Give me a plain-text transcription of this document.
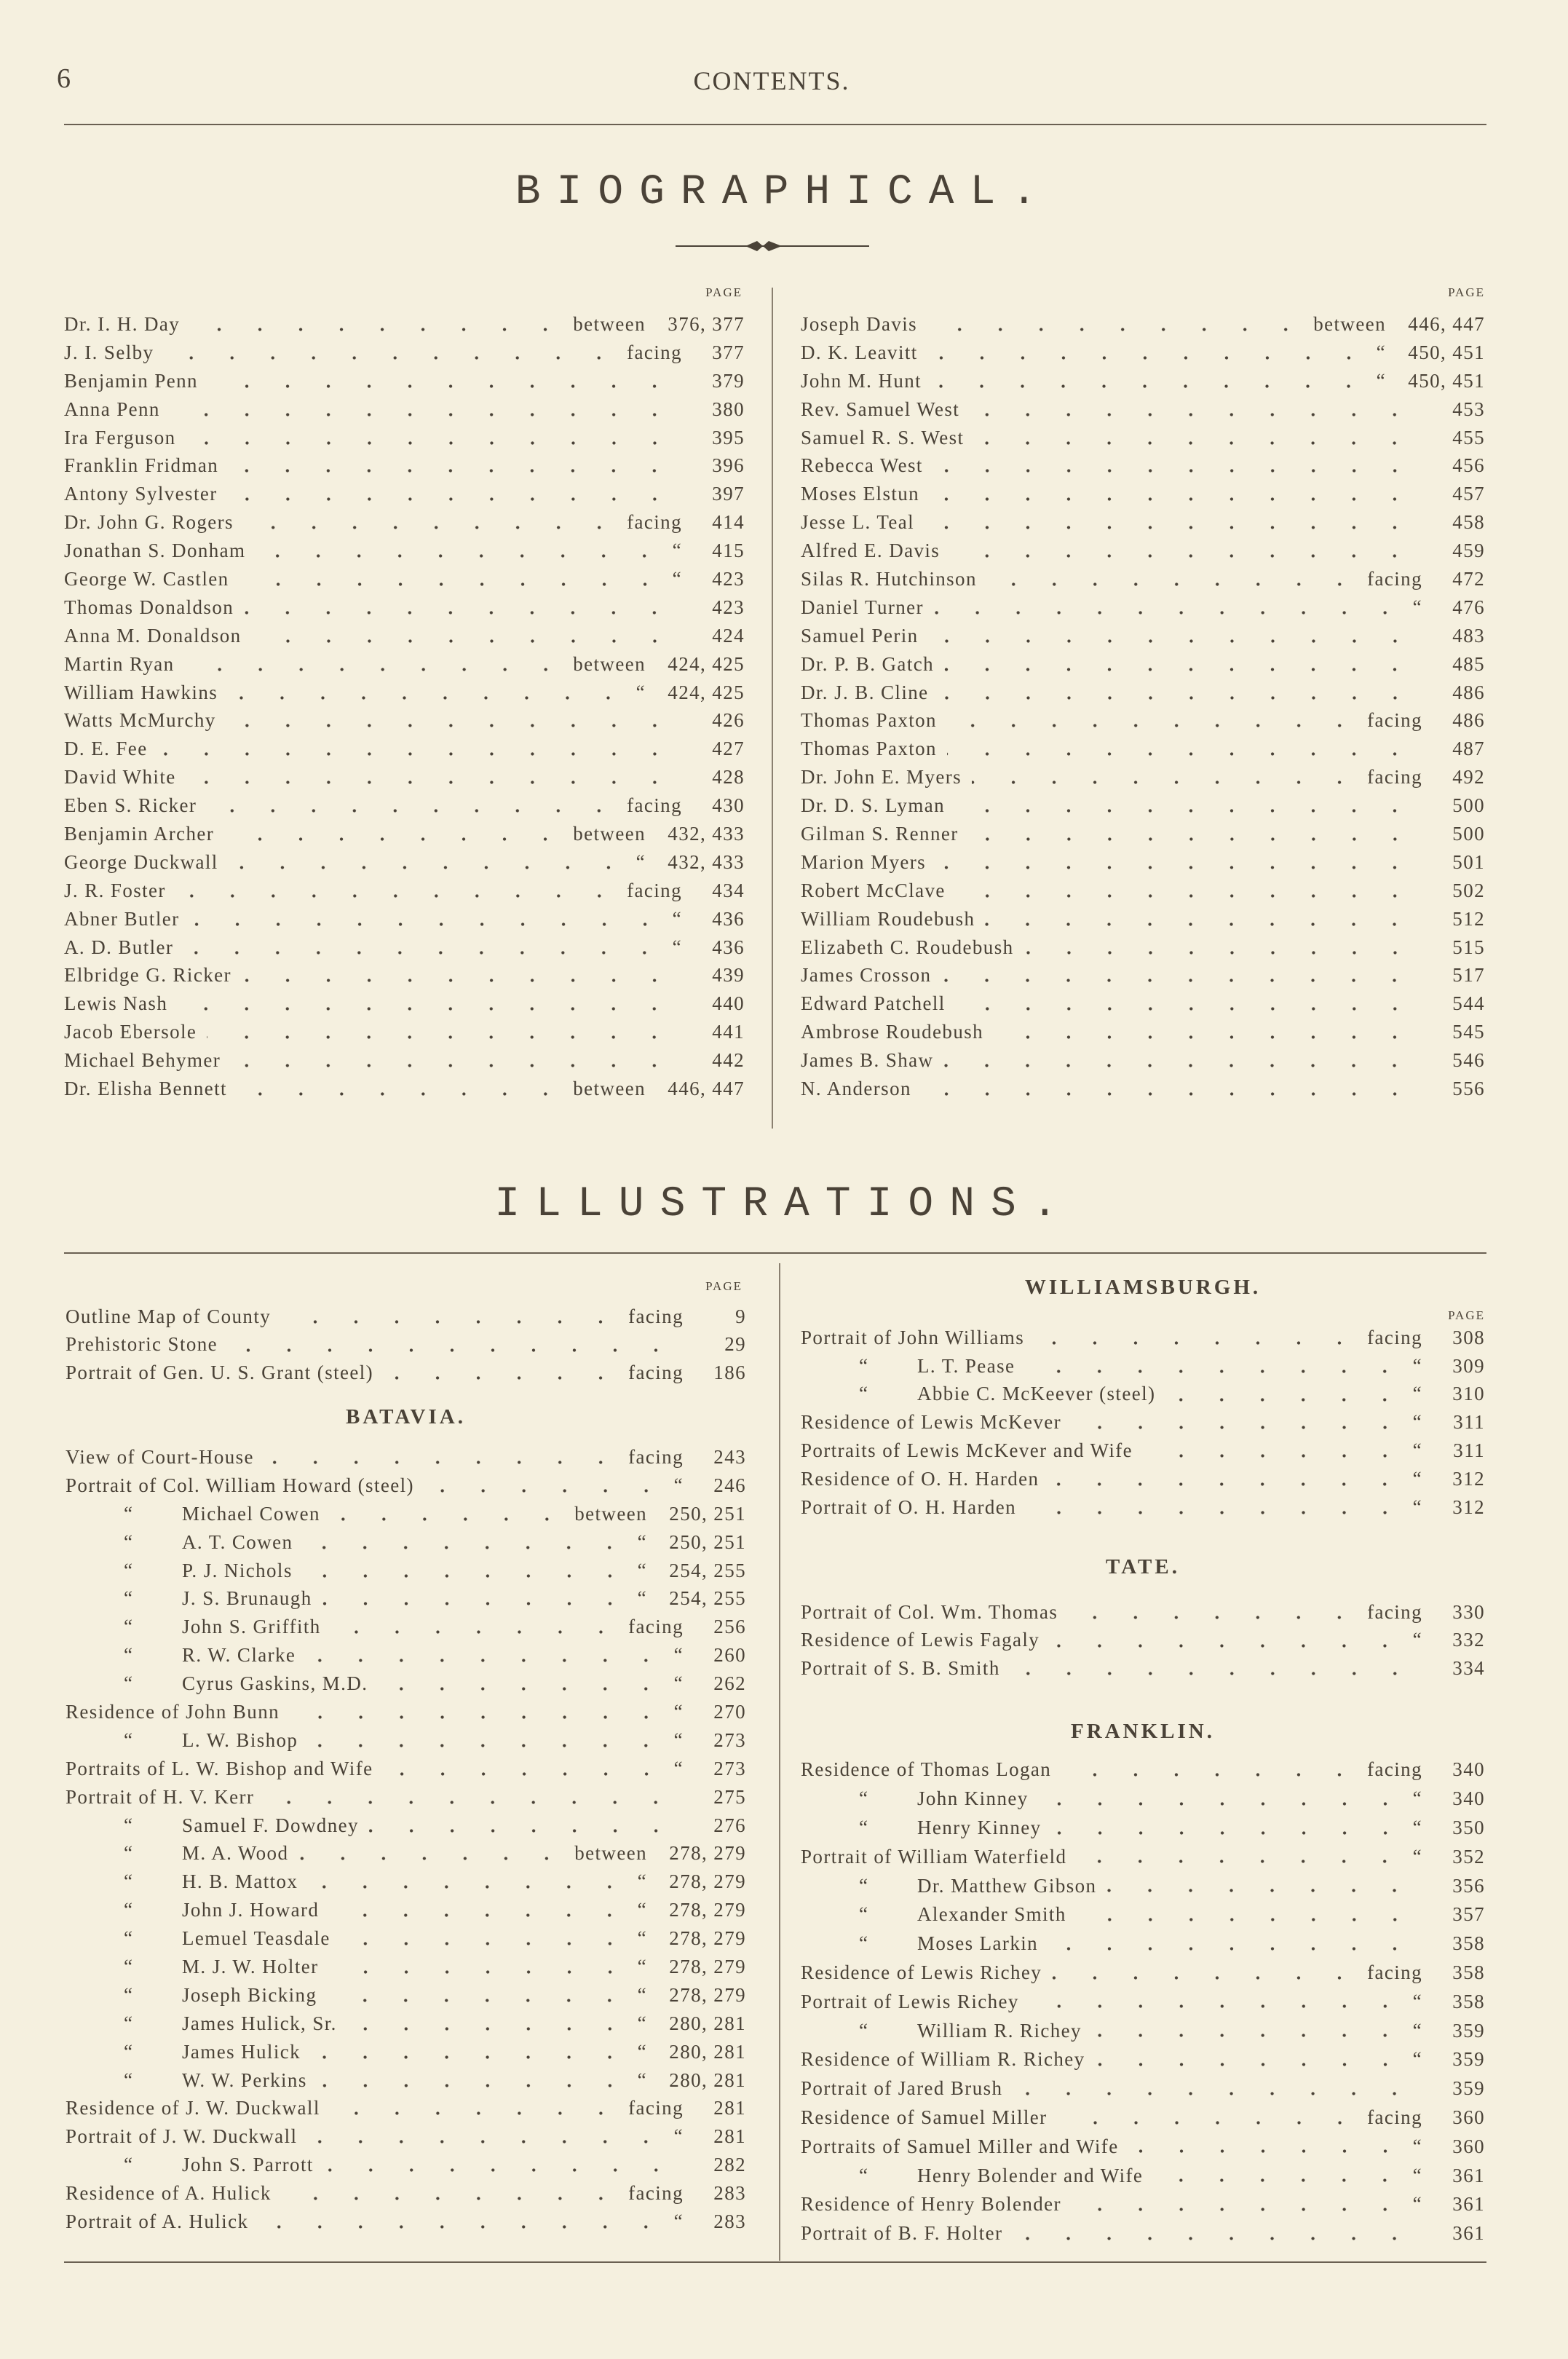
6	CONTENTS.
BIOGRAPHICAL.
PAGE	PAGE
Dr. I. H. Day	between	376, 377
J. I. Selby	facing	377
Benjamin Penn	379
Anna Penn	380
Ira Ferguson	395
Franklin Fridman	396
Antony Sylvester	397
Dr. John G. Rogers	facing	414
Jonathan S. Donham	“	415
George W. Castlen	“	423
Thomas Donaldson	423
Anna M. Donaldson	424
Martin Ryan	between	424, 425
William Hawkins	“	424, 425
Watts McMurchy	426
D. E. Fee	427
David White	428
Eben S. Ricker	facing	430
Benjamin Archer	between	432, 433
George Duckwall	“	432, 433
J. R. Foster	facing	434
Abner Butler	“	436
A. D. Butler	“	436
Elbridge G. Ricker	439
Lewis Nash	440
Jacob Ebersole	441
Michael Behymer	442
Dr. Elisha Bennett	between	446, 447
Joseph Davis	between	446, 447
D. K. Leavitt	“	450, 451
John M. Hunt	“	450, 451
Rev. Samuel West	453
Samuel R. S. West	455
Rebecca West	456
Moses Elstun	457
Jesse L. Teal	458
Alfred E. Davis	459
Silas R. Hutchinson	facing	472
Daniel Turner	“	476
Samuel Perin	483
Dr. P. B. Gatch	485
Dr. J. B. Cline	486
Thomas Paxton	facing	486
Thomas Paxton	487
Dr. John E. Myers	facing	492
Dr. D. S. Lyman	500
Gilman S. Renner	500
Marion Myers	501
Robert McClave	502
William Roudebush	512
Elizabeth C. Roudebush	515
James Crosson	517
Edward Patchell	544
Ambrose Roudebush	545
James B. Shaw	546
N. Anderson	556
ILLUSTRATIONS.
PAGE
Outline Map of County	facing	9
Prehistoric Stone	29
Portrait of Gen. U. S. Grant (steel)	facing	186
BATAVIA.
View of Court-House	facing	243
Portrait of Col. William Howard (steel)	“	246
“	Michael Cowen	between	250, 251
“	A. T. Cowen	“	250, 251
“	P. J. Nichols	“	254, 255
“	J. S. Brunaugh	“	254, 255
“	John S. Griffith	facing	256
“	R. W. Clarke	“	260
“	Cyrus Gaskins, M.D.	“	262
Residence of John Bunn	“	270
“	L. W. Bishop	“	273
Portraits of L. W. Bishop and Wife	“	273
Portrait of H. V. Kerr	275
“	Samuel F. Dowdney	276
“	M. A. Wood	between	278, 279
“	H. B. Mattox	“	278, 279
“	John J. Howard	“	278, 279
“	Lemuel Teasdale	“	278, 279
“	M. J. W. Holter	“	278, 279
“	Joseph Bicking	“	278, 279
“	James Hulick, Sr.	“	280, 281
“	James Hulick	“	280, 281
“	W. W. Perkins	“	280, 281
Residence of J. W. Duckwall	facing	281
Portrait of J. W. Duckwall	“	281
“	John S. Parrott	282
Residence of A. Hulick	facing	283
Portrait of A. Hulick	“	283
WILLIAMSBURGH.
PAGE
Portrait of John Williams	facing	308
“	L. T. Pease	“	309
“	Abbie C. McKeever (steel)	“	310
Residence of Lewis McKever	“	311
Portraits of Lewis McKever and Wife	“	311
Residence of O. H. Harden	“	312
Portrait of O. H. Harden	“	312
TATE.
Portrait of Col. Wm. Thomas	facing	330
Residence of Lewis Fagaly	“	332
Portrait of S. B. Smith	334
FRANKLIN.
Residence of Thomas Logan	facing	340
“	John Kinney	“	340
“	Henry Kinney	“	350
Portrait of William Waterfield	“	352
“	Dr. Matthew Gibson	356
“	Alexander Smith	357
“	Moses Larkin	358
Residence of Lewis Richey	facing	358
Portrait of Lewis Richey	“	358
“	William R. Richey	“	359
Residence of William R. Richey	“	359
Portrait of Jared Brush	359
Residence of Samuel Miller	facing	360
Portraits of Samuel Miller and Wife	“	360
“	Henry Bolender and Wife	“	361
Residence of Henry Bolender	“	361
Portrait of B. F. Holter	361
